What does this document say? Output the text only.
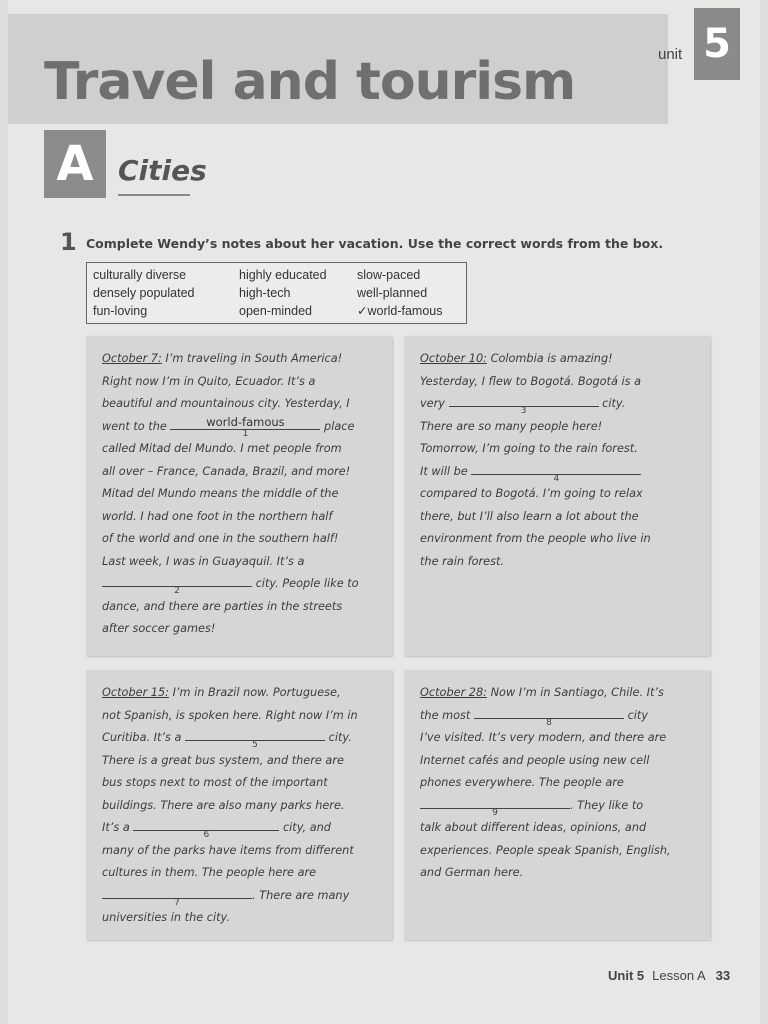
Travel and tourism	unit 5
A Cities
1 Complete Wendy’s notes about her vacation. Use the correct words from the box.
culturally diverse	highly educated	slow-paced
densely populated	high-tech	well-planned
fun-loving	open-minded	✓world-famous
October 7: I’m traveling in South America!
Right now I’m in Quito, Ecuador. It’s a
beautiful and mountainous city. Yesterday, I
went to the	world-famous
1
place
called Mitad del Mundo. I met people from
all over – France, Canada, Brazil, and more!
Mitad del Mundo means the middle of the
world. I had one foot in the northern half
of the world and one in the southern half!
Last week, I was in Guayaquil. It’s a
2
city. People like to
dance, and there are parties in the streets
after soccer games!
October 10: Colombia is amazing!
Yesterday, I flew to Bogotá. Bogotá is a
very
3
city.
There are so many people here!
Tomorrow, I’m going to the rain forest.
It will be
4
compared to Bogotá. I’m going to relax
there, but I’ll also learn a lot about the
environment from the people who live in
the rain forest.
October 15: I’m in Brazil now. Portuguese,
not Spanish, is spoken here. Right now I’m in
Curitiba. It’s a
5
city.
There is a great bus system, and there are
bus stops next to most of the important
buildings. There are also many parks here.
It’s a
6
city, and
many of the parks have items from different
cultures in them. The people here are
7
. There are many
universities in the city.
October 28: Now I’m in Santiago, Chile. It’s
the most
8
city
I’ve visited. It’s very modern, and there are
Internet cafés and people using new cell
phones everywhere. The people are
9
. They like to
talk about different ideas, opinions, and
experiences. People speak Spanish, English,
and German here.
Unit 5 Lesson A 33
